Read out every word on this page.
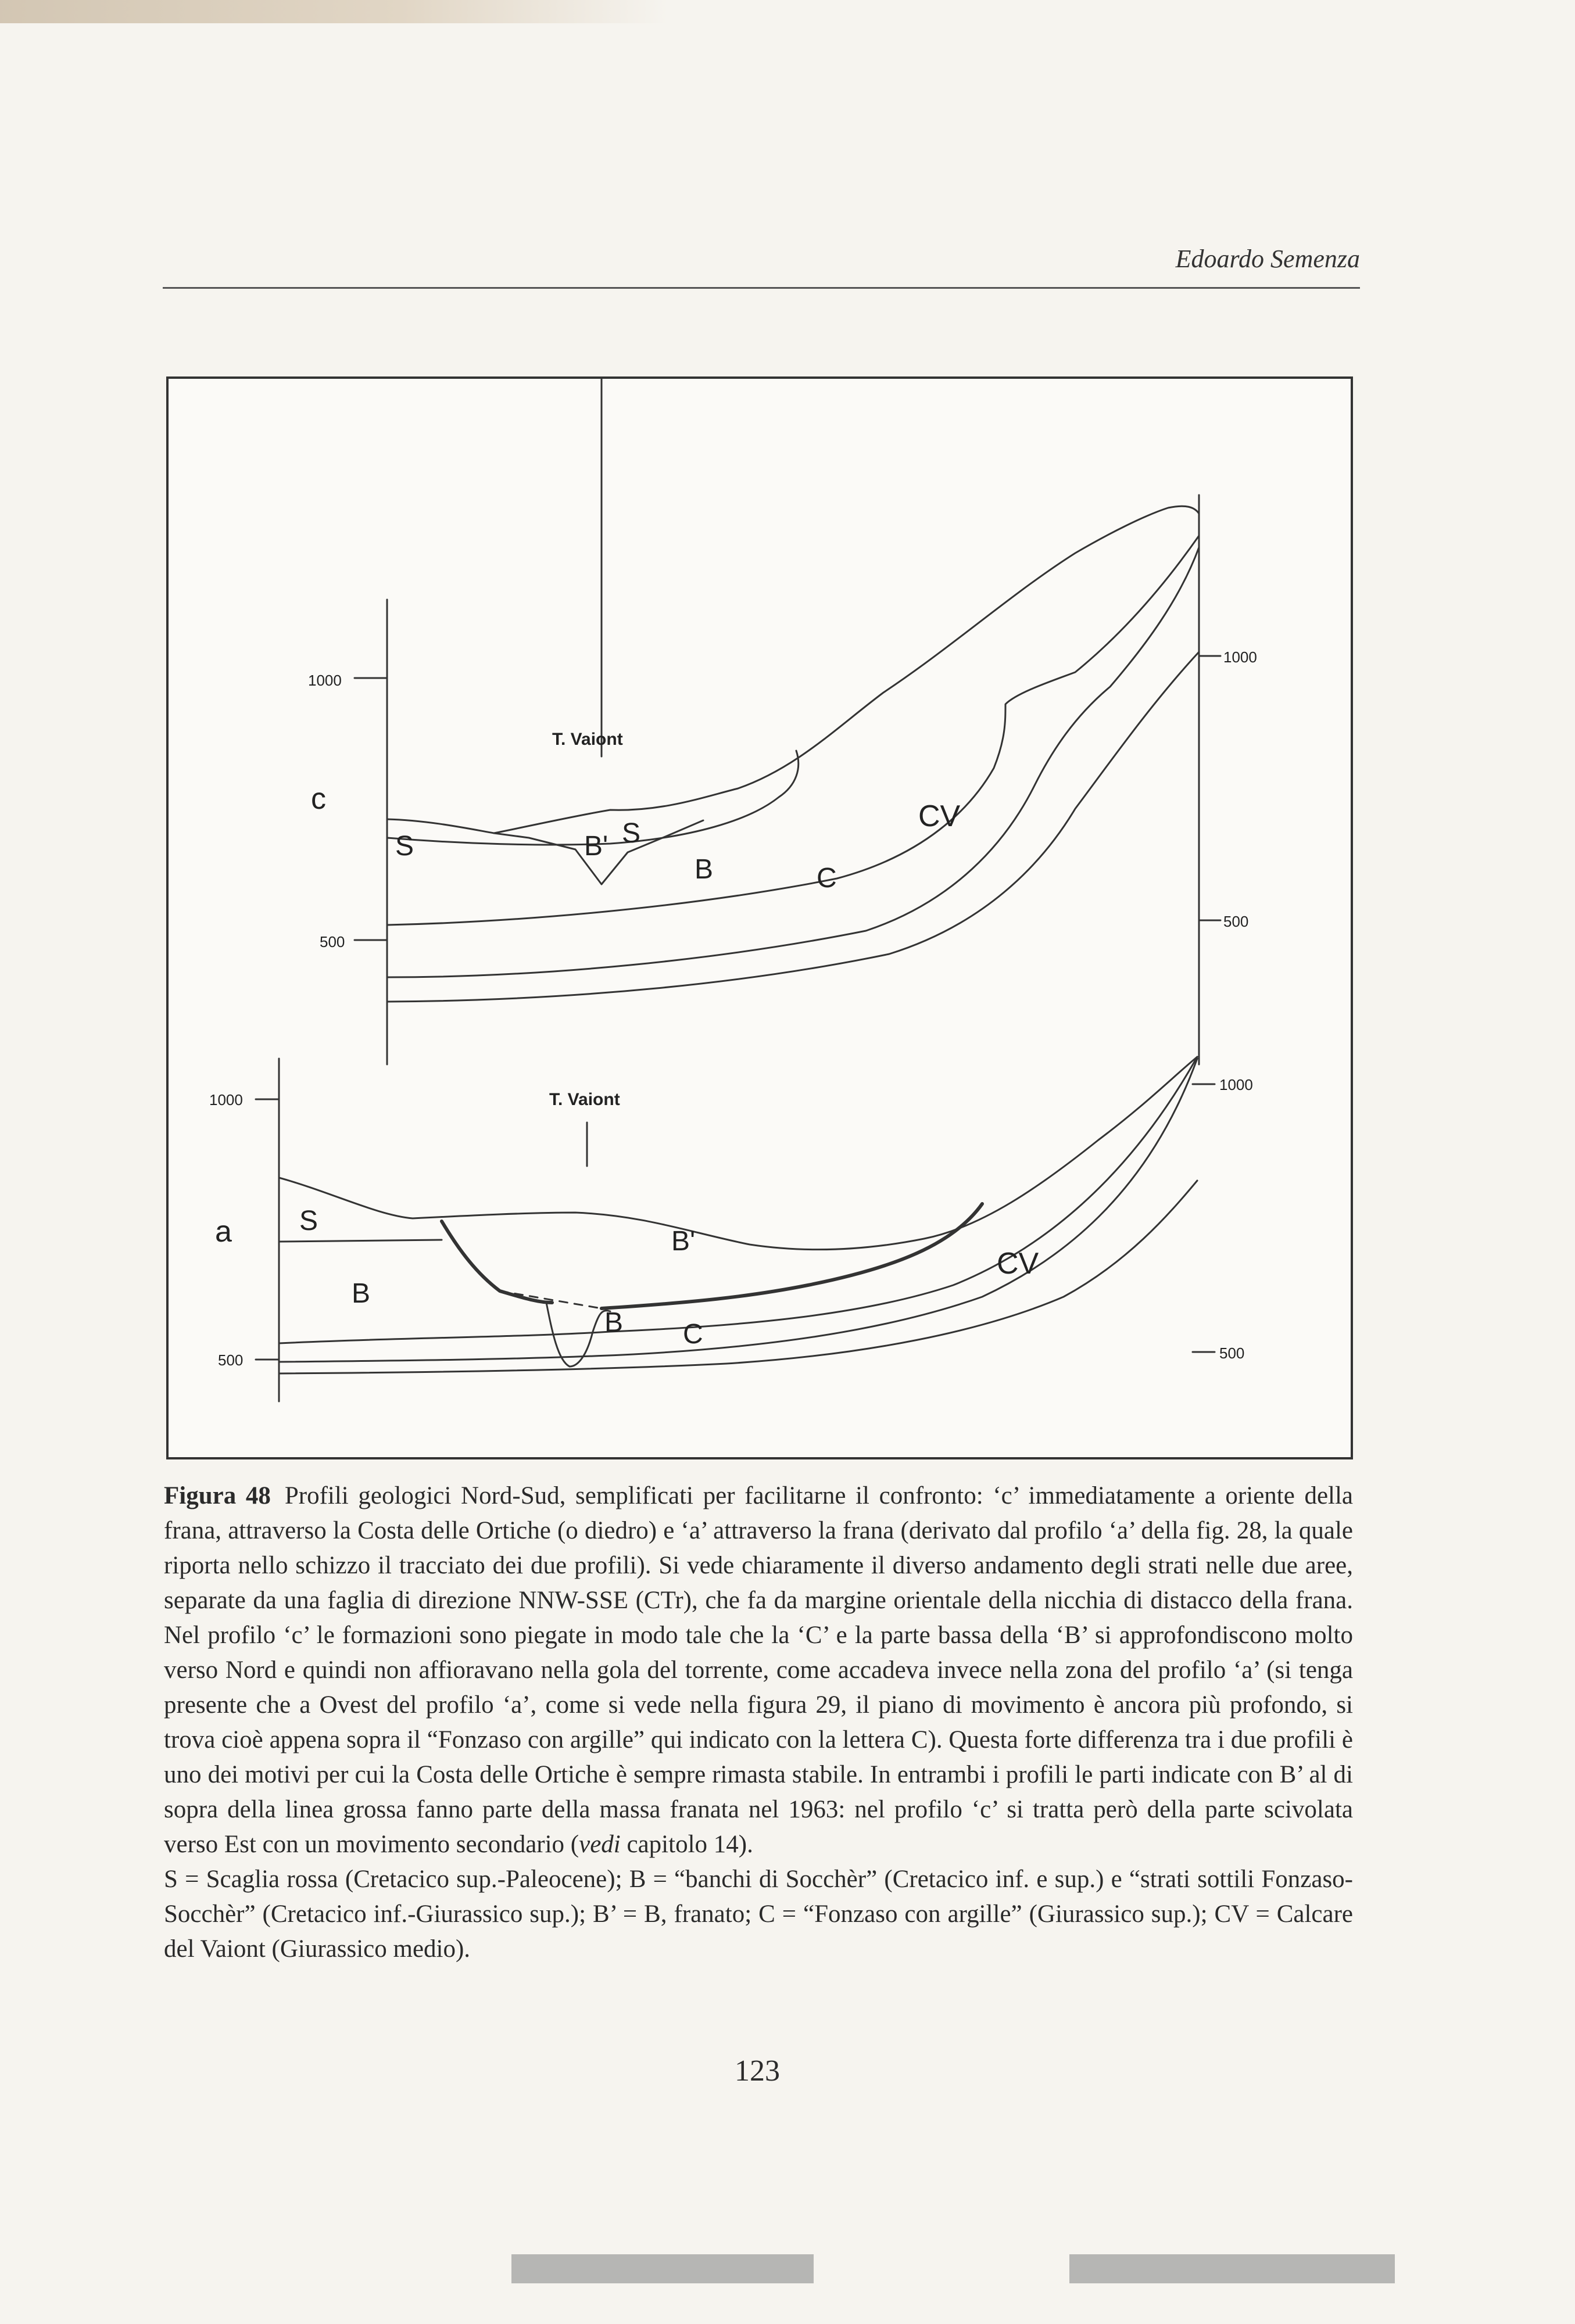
Edoardo Semenza
1000
500
1000
500
c
T. Vaiont
S	B' S
B	C
CV
1000
500
1000
500
a
T. Vaiont
S
B'
B
B C
CV

Figura 48 Profili geologici Nord-Sud, semplificati per facilitarne il confronto: ‘c’ immediatamente a oriente della frana, attraverso la Costa delle Ortiche (o diedro) e ‘a’ attraverso la frana (derivato dal profilo ‘a’ della fig. 28, la quale riporta nello schizzo il tracciato dei due profili). Si vede chiaramente il diverso andamento degli strati nelle due aree, separate da una faglia di direzione NNW-SSE (CTr), che fa da margine orientale della nicchia di distacco della frana. Nel profilo ‘c’ le formazioni sono piegate in modo tale che la ‘C’ e la parte bassa della ‘B’ si approfondiscono molto verso Nord e quindi non affioravano nella gola del torrente, come accadeva invece nella zona del profilo ‘a’ (si tenga presente che a Ovest del profilo ‘a’, come si vede nella figura 29, il piano di movimento è ancora più profondo, si trova cioè appena sopra il “Fonzaso con argille” qui indicato con la lettera C). Questa forte differenza tra i due profili è uno dei motivi per cui la Costa delle Ortiche è sempre rimasta stabile. In entrambi i profili le parti indicate con B’ al di sopra della linea grossa fanno parte della massa franata nel 1963: nel profilo ‘c’ si tratta però della parte scivolata verso Est con un movimento secondario (vedi capitolo 14).

S = Scaglia rossa (Cretacico sup.-Paleocene); B = “banchi di Socchèr” (Cretacico inf. e sup.) e “strati sottili Fonzaso-Socchèr” (Cretacico inf.-Giurassico sup.); B’ = B, franato; C = “Fonzaso con argille” (Giurassico sup.); CV = Calcare del Vaiont (Giurassico medio).

123
